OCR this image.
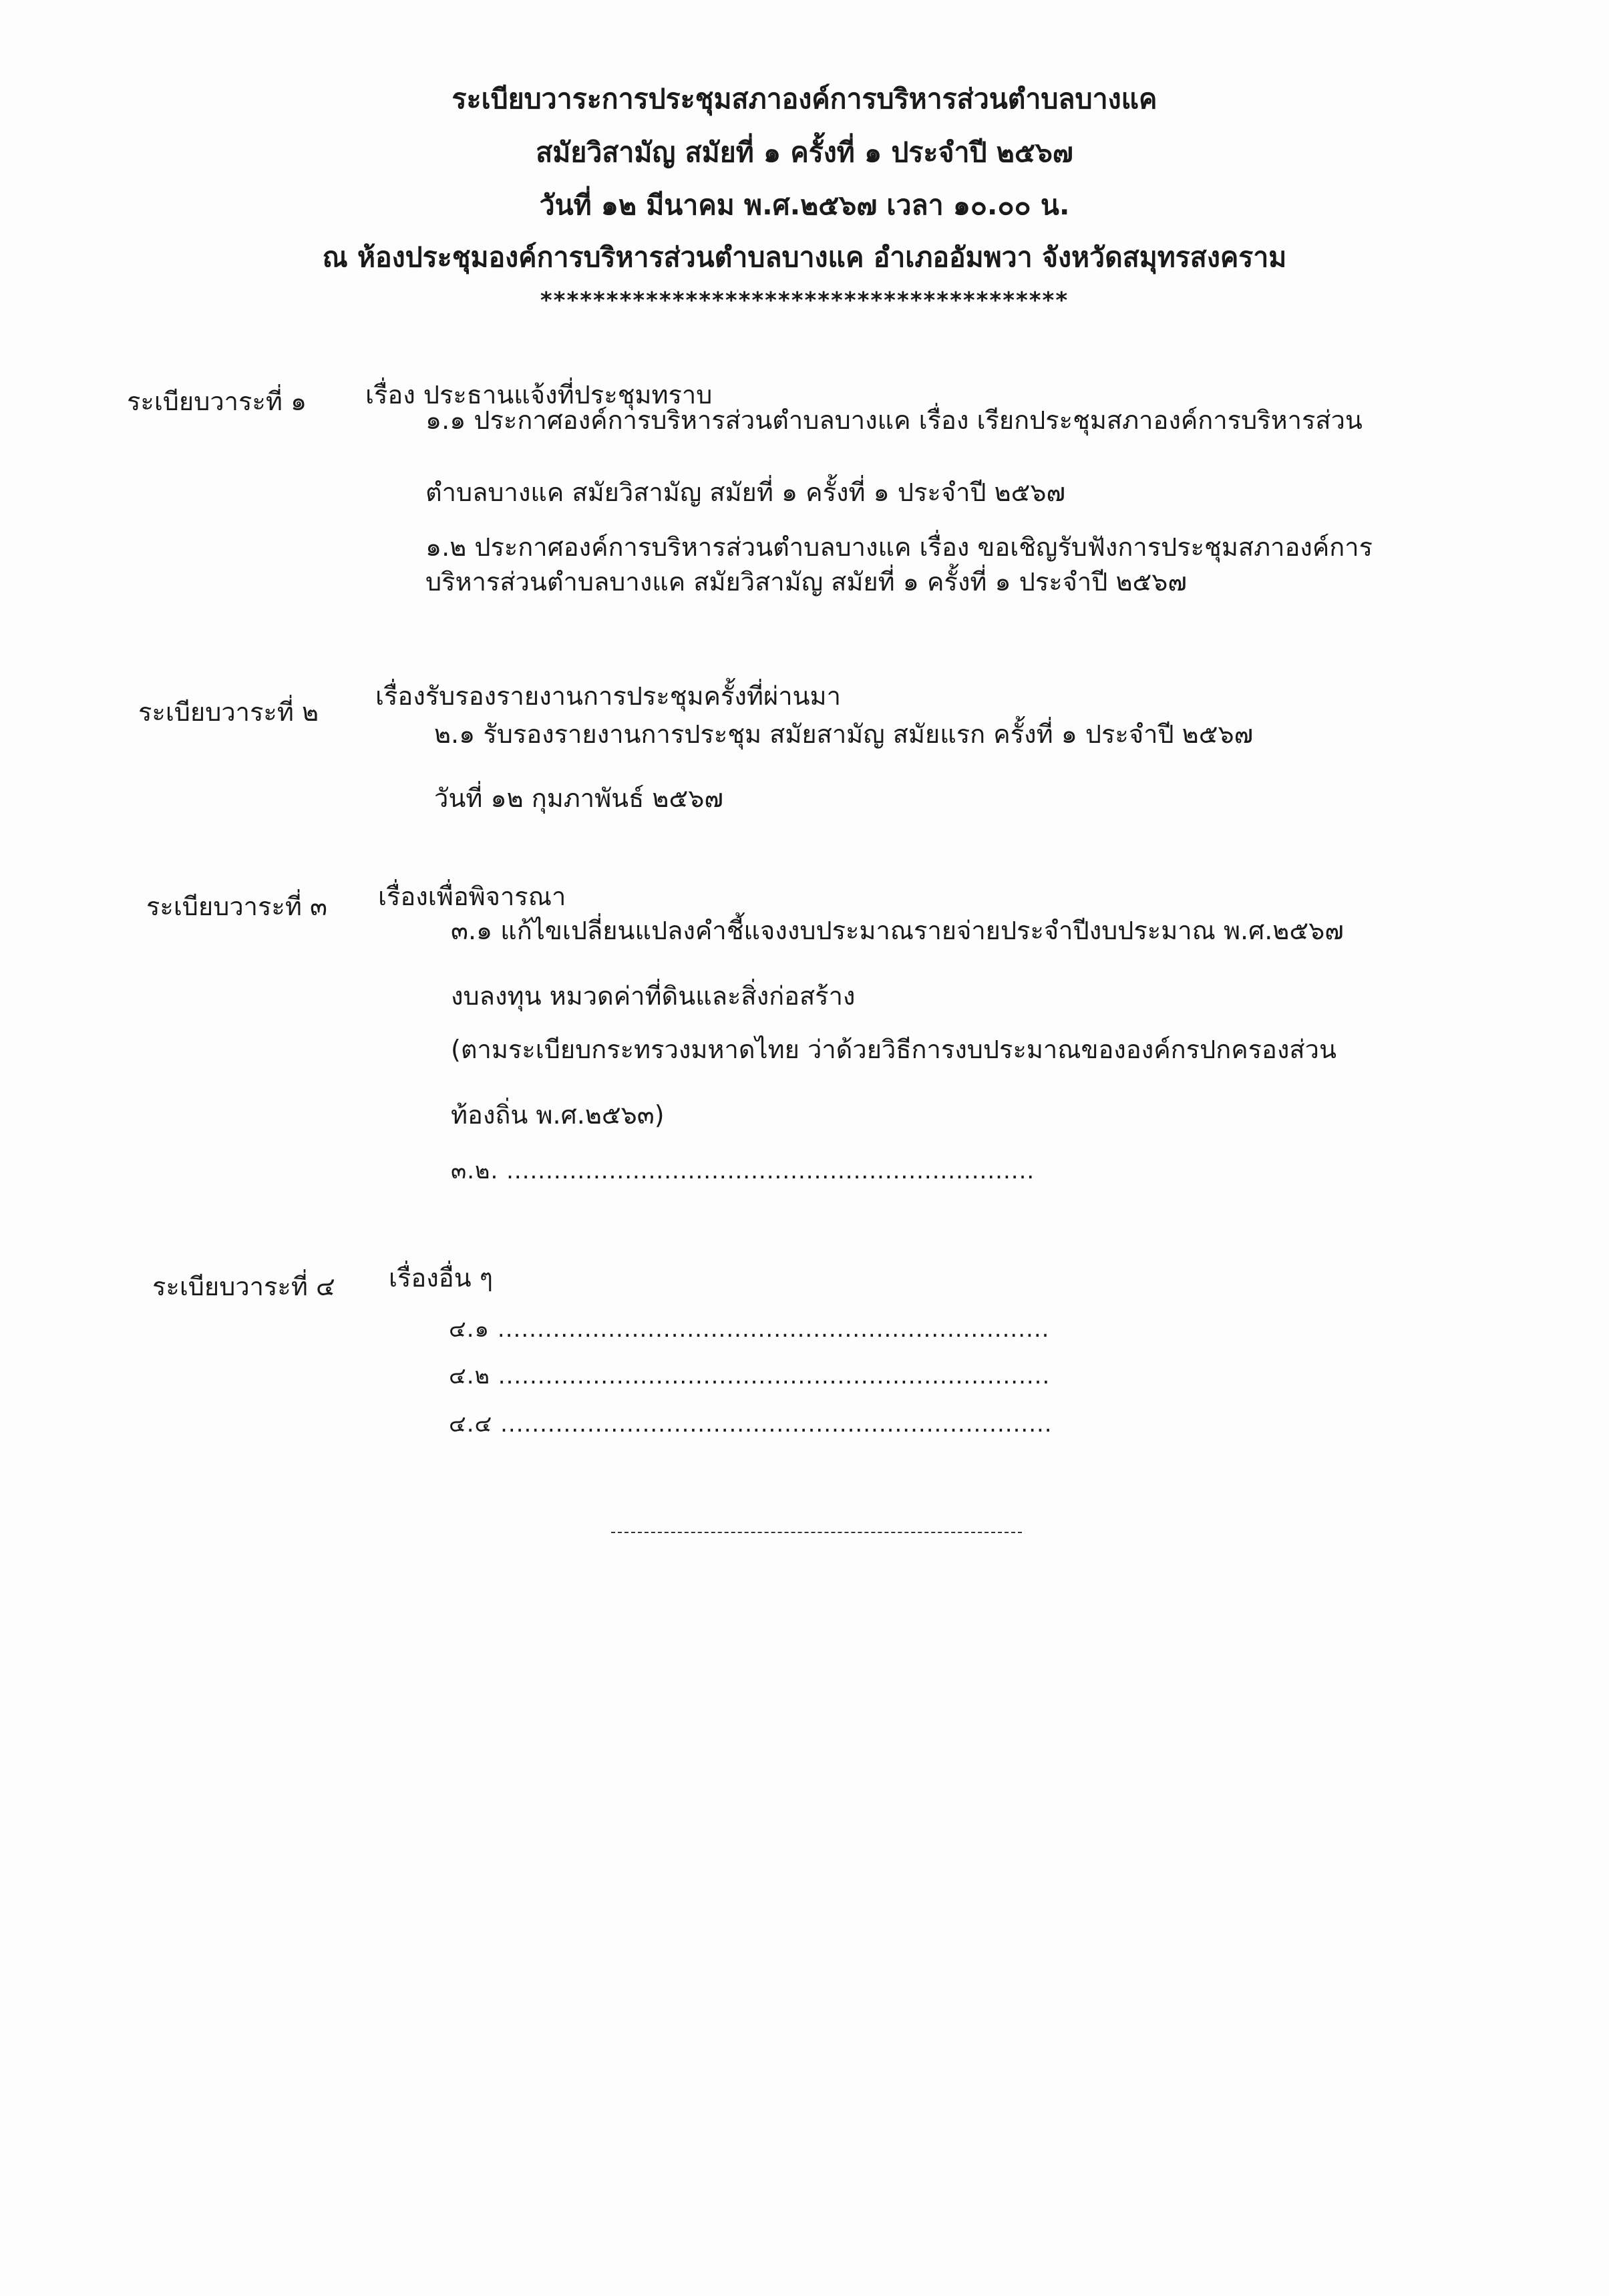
ระเบียบวาระการประชุมสภาองค์การบริหารส่วนตำบลบางแค
สมัยวิสามัญ สมัยที่ ๑ ครั้งที่ ๑ ประจำปี ๒๕๖๗
วันที่ ๑๒ มีนาคม พ.ศ.๒๕๖๗ เวลา ๑๐.๐๐ น.
ณ ห้องประชุมองค์การบริหารส่วนตำบลบางแค อำเภออัมพวา จังหวัดสมุทรสงคราม
****************************************
ระเบียบวาระที่ ๑ เรื่อง ประธานแจ้งที่ประชุมทราบ
๑.๑ ประกาศองค์การบริหารส่วนตำบลบางแค เรื่อง เรียกประชุมสภาองค์การบริหารส่วน
ตำบลบางแค สมัยวิสามัญ สมัยที่ ๑ ครั้งที่ ๑ ประจำปี ๒๕๖๗
๑.๒ ประกาศองค์การบริหารส่วนตำบลบางแค เรื่อง ขอเชิญรับฟังการประชุมสภาองค์การ
บริหารส่วนตำบลบางแค สมัยวิสามัญ สมัยที่ ๑ ครั้งที่ ๑ ประจำปี ๒๕๖๗
ระเบียบวาระที่ ๒
เรื่องรับรองรายงานการประชุมครั้งที่ผ่านมา
๒.๑ รับรองรายงานการประชุม สมัยสามัญ สมัยแรก ครั้งที่ ๑ ประจำปี ๒๕๖๗
วันที่ ๑๒ กุมภาพันธ์ ๒๕๖๗
ระเบียบวาระที่ ๓ เรื่องเพื่อพิจารณา
๓.๑ แก้ไขเปลี่ยนแปลงคำชี้แจงงบประมาณรายจ่ายประจำปีงบประมาณ พ.ศ.๒๕๖๗
งบลงทุน หมวดค่าที่ดินและสิ่งก่อสร้าง
(ตามระเบียบกระทรวงมหาดไทย ว่าด้วยวิธีการงบประมาณขององค์กรปกครองส่วน
ท้องถิ่น พ.ศ.๒๕๖๓)
๓.๒. ...................................................................
ระเบียบวาระที่ ๔ เรื่องอื่น ๆ
๔.๑ ......................................................................
๔.๒ ......................................................................
๔.๔ ......................................................................
